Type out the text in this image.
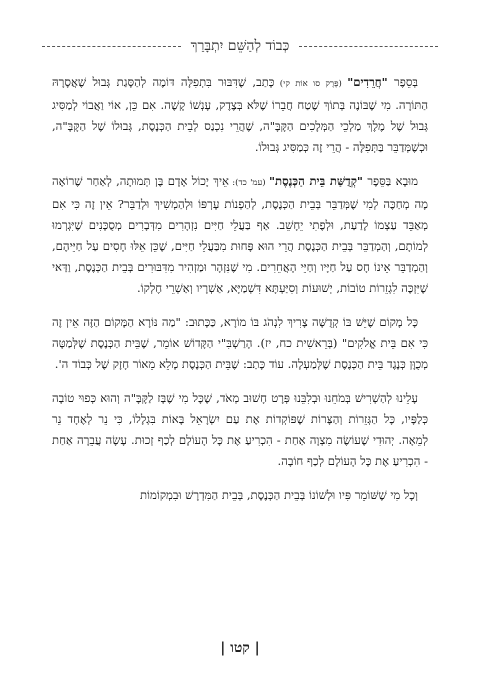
כְּבוֹד לְהַשֵּׁם יִתְבָּרַךְ

בְּסֵפֶר "חֲרֵדִים" (פֶּרֶק סו אוֹת קי) כָּתַב, שֶׁדִּבּוּר בִּתְפִלָּה דּוֹמֶה לְהַסָּגַת גְּבוּל שֶׁאֲסָרָהּ הַתּוֹרָה. מִי שֶׁבּוֹנֶה בְּתוֹךְ שֶׁטַח חֲבֵרוֹ שֶׁלֹּא בְּצֶדֶק, עָנְשׁוֹ קָשֶׁה. אִם כֵּן, אוֹי וַאֲבוֹי לְמַסִּיג גְּבוּל שֶׁל מֶלֶךְ מַלְכֵי הַמְּלָכִים הַקָּבָּ"ה, שֶׁהֲרֵי נִכְנַס לְבֵית הַכְּנֶסֶת, גְּבוּלוֹ שֶׁל הַקָּבָּ"ה, וּכְשֶׁמְּדַבֵּר בַּתְּפִלָּה - הֲרֵי זֶה כְּמַסִּיג גְּבוּלוֹ.

מוּבָא בַּסֵּפֶר "קְדֻשַּׁת בֵּית הַכְּנֶסֶת" (עמ' כד): אֵיךְ יָכוֹל אָדָם בֶּן תְּמוּתָה, לְאַחַר שֶׁרוֹאֶה מָה מְחַכֶּה לְמִי שֶׁמְּדַבֵּר בְּבֵית הַכְּנֶסֶת, לְהַפְנוֹת עָרְפּוֹ וּלְהַמְשִׁיךְ וּלְדַבֵּר? אֵין זֶה כִּי אִם מְאַבֵּד עַצְמוֹ לָדַעַת, וּלְפֶתִי יֵחָשֵׁב. אַף בַּעֲלֵי חַיִּים נִזְהָרִים מִדְּבָרִים מְסֻכָּנִים שֶׁיִּגְרְמוּ לְמוֹתָם, וְהַמְדַבֵּר בְּבֵית הַכְּנֶסֶת הֲרֵי הוּא פָּחוּת מִבַּעֲלֵי חַיִּים, שֶׁכֵּן אֵלּוּ חָסִים עַל חַיֵּיהֶם, וְהַמְדַבֵּר אֵינוֹ חָס עַל חַיָּיו וְחַיֵּי הָאֲחֵרִים. מִי שֶׁנִּזְהָר וּמַזְהִיר מִדִּבּוּרִים בְּבֵית הַכְּנֶסֶת, וַדַּאי שֶׁיִּזְכֶּה לִגְזֵרוֹת טוֹבוֹת, יְשׁוּעוֹת וְסִיַּעְתָּא דִּשְׁמַיָּא, אַשְׁרָיו וְאַשְׁרֵי חֶלְקוֹ.

כָּל מָקוֹם שֶׁיֵּשׁ בּוֹ קְדֻשָּׁה צָרִיךְ לִנְהֹג בּוֹ מוֹרָא, כַּכָּתוּב: "מַה נּוֹרָא הַמָּקוֹם הַזֶּה אֵין זֶה כִּי אִם בֵּית אֱלֹקִים" (בְּרֵאשִׁית כח, יז). הָרַשְׁבִּ"י הַקָּדוֹשׁ אוֹמֵר, שֶׁבֵּית הַכְּנֶסֶת שֶׁלְּמַטָּה מְכֻוָּן כְּנֶגֶד בֵּית הַכְּנֶסֶת שֶׁלְּמַעְלָה. עוֹד כָּתַב: שֶׁבֵּית הַכְּנֶסֶת מָלֵא מֵאוֹר חָזָק שֶׁל כְּבוֹד ה'.

עָלֵינוּ לְהַשְׁרִישׁ בְּמֹחֵנוּ וּבְלִבֵּנוּ פְּרָט חָשׁוּב מְאֹד, שֶׁכָּל מִי שֶׁבָּז לַקָּבָּ"ה וְהוּא כְּפוּי טוֹבָה כְּלַפָּיו, כָּל הַגְּזֵרוֹת וְהַצָּרוֹת שֶׁפּוֹקְדוֹת אֶת עַם יִשְׂרָאֵל בָּאוֹת בִּגְלָלוֹ, כִּי נֵר לְאֶחָד נֵר לְמֵאָה. יְהוּדִי שֶׁעוֹשֶׂה מִצְוָה אַחַת - הִכְרִיעַ אֶת כָּל הָעוֹלָם לְכַף זְכוּת. עָשָׂה עֲבֵרָה אַחַת - הִכְרִיעַ אֶת כָּל הָעוֹלָם לְכַף חוֹבָה.

וְכָל מִי שֶׁשּׁוֹמֵר פִּיו וּלְשׁוֹנוֹ בְּבֵית הַכְּנֶסֶת, בְּבֵית הַמִּדְרָשׁ וּבִמְקוֹמוֹת

| קטו |
